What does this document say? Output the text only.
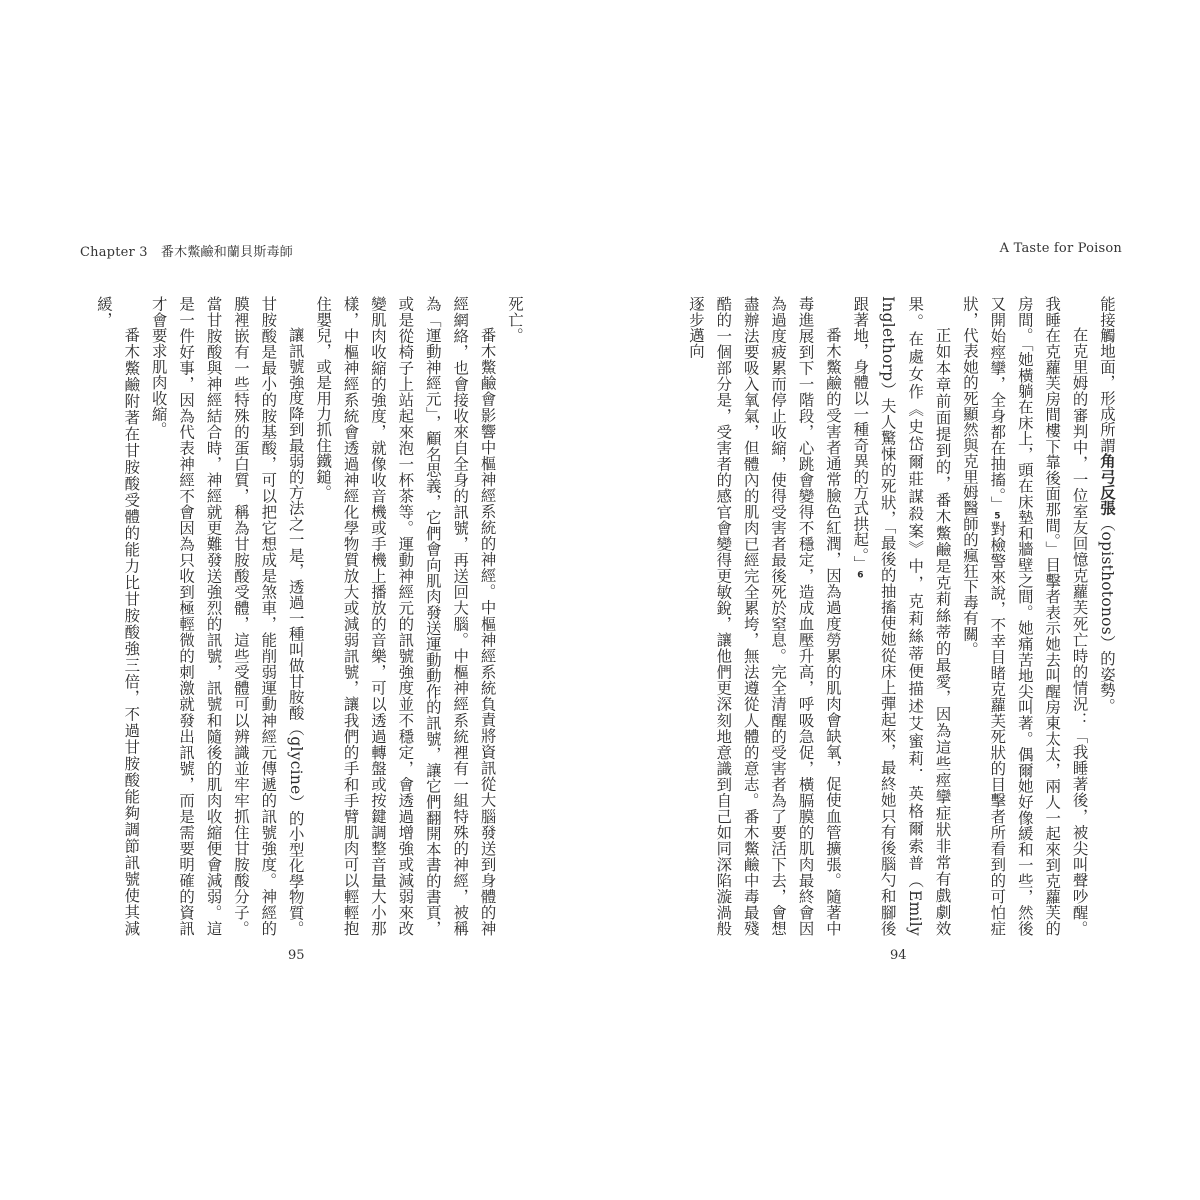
Chapter 3　番木鱉鹼和蘭貝斯毒師

死亡。

番木鱉鹼會影響中樞神經系統的神經。中樞神經系統負責將資訊從大腦發送到身體的神經網絡，也會接收來自全身的訊號，再送回大腦。中樞神經系統裡有一組特殊的神經，被稱為「運動神經元」，顧名思義，它們會向肌肉發送運動動作的訊號，讓它們翻開本書的書頁，或是從椅子上站起來泡一杯茶等。運動神經元的訊號強度並不穩定，會透過增強或減弱來改變肌肉收縮的強度，就像收音機或手機上播放的音樂，可以透過轉盤或按鍵調整音量大小那樣，中樞神經系統會透過神經化學物質放大或減弱訊號，讓我們的手和手臂肌肉可以輕輕抱住嬰兒，或是用力抓住鐵鎚。

讓訊號強度降到最弱的方法之一是，透過一種叫做甘胺酸（glycine）的小型化學物質。甘胺酸是最小的胺基酸，可以把它想成是煞車，能削弱運動神經元傳遞的訊號強度。神經的膜裡嵌有一些特殊的蛋白質，稱為甘胺酸受體，這些受體可以辨識並牢牢抓住甘胺酸分子。當甘胺酸與神經結合時，神經就更難發送強烈的訊號，訊號和隨後的肌肉收縮便會減弱。這是一件好事，因為代表神經不會因為只收到極輕微的刺激就發出訊號，而是需要明確的資訊才會要求肌肉收縮。

番木鱉鹼附著在甘胺酸受體的能力比甘胺酸強三倍，不過甘胺酸能夠調節訊號使其減緩，

95
A Taste for Poison

能接觸地面，形成所謂角弓反張（opisthotonos）的姿勢。

在克里姆的審判中，一位室友回憶克蘿芙死亡時的情況：「我睡著後，被尖叫聲吵醒。我睡在克蘿芙房間樓下靠後面那間。」目擊者表示她去叫醒房東太太，兩人一起來到克蘿芙的房間。「她橫躺在床上，頭在床墊和牆壁之間。她痛苦地尖叫著。偶爾她好像緩和一些，然後又開始痙攣，全身都在抽搐。」5對檢警來說，不幸目睹克蘿芙死狀的目擊者所看到的可怕症狀，代表她的死顯然與克里姆醫師的瘋狂下毒有關。

正如本章前面提到的，番木鱉鹼是克莉絲蒂的最愛，因為這些痙攣症狀非常有戲劇效果。在處女作《史岱爾莊謀殺案》中，克莉絲蒂便描述艾蜜莉．英格爾索普（Emily Inglethorp）夫人驚悚的死狀，「最後的抽搐使她從床上彈起來，最終她只有後腦勺和腳後跟著地，身體以一種奇異的方式拱起。」6

番木鱉鹼的受害者通常臉色紅潤，因為過度勞累的肌肉會缺氧，促使血管擴張。隨著中毒進展到下一階段，心跳會變得不穩定，造成血壓升高，呼吸急促，橫膈膜的肌肉最終會因為過度疲累而停止收縮，使得受害者最後死於窒息。完全清醒的受害者為了要活下去，會想盡辦法要吸入氧氣，但體內的肌肉已經完全累垮，無法遵從人體的意志。番木鱉鹼中毒最殘酷的一個部分是，受害者的感官會變得更敏銳，讓他們更深刻地意識到自己如同深陷漩渦般逐步邁向

94
